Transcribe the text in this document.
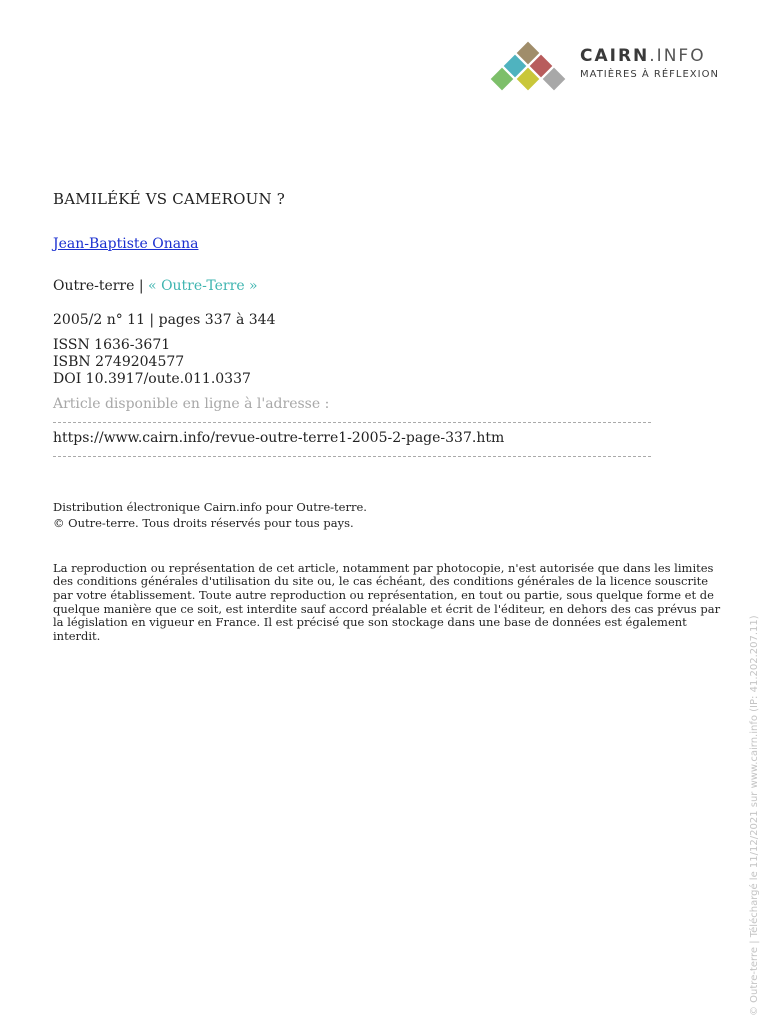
CAIRN.INFO
MATIÈRES À RÉFLEXION
BAMILÉKÉ VS CAMEROUN ?
Jean-Baptiste Onana
Outre-terre | « Outre-Terre »
2005/2 n° 11 | pages 337 à 344
ISSN 1636-3671
ISBN 2749204577
DOI 10.3917/oute.011.0337
Article disponible en ligne à l'adresse :
https://www.cairn.info/revue-outre-terre1-2005-2-page-337.htm
Distribution électronique Cairn.info pour Outre-terre.
© Outre-terre. Tous droits réservés pour tous pays.

La reproduction ou représentation de cet article, notamment par photocopie, n'est autorisée que dans les limites des conditions générales d'utilisation du site ou, le cas échéant, des conditions générales de la licence souscrite par votre établissement. Toute autre reproduction ou représentation, en tout ou partie, sous quelque forme et de quelque manière que ce soit, est interdite sauf accord préalable et écrit de l'éditeur, en dehors des cas prévus par la législation en vigueur en France. Il est précisé que son stockage dans une base de données est également interdit.	© Outre-terre | Téléchargé le 11/12/2021 sur www.cairn.info (IP: 41.202.207.11)
